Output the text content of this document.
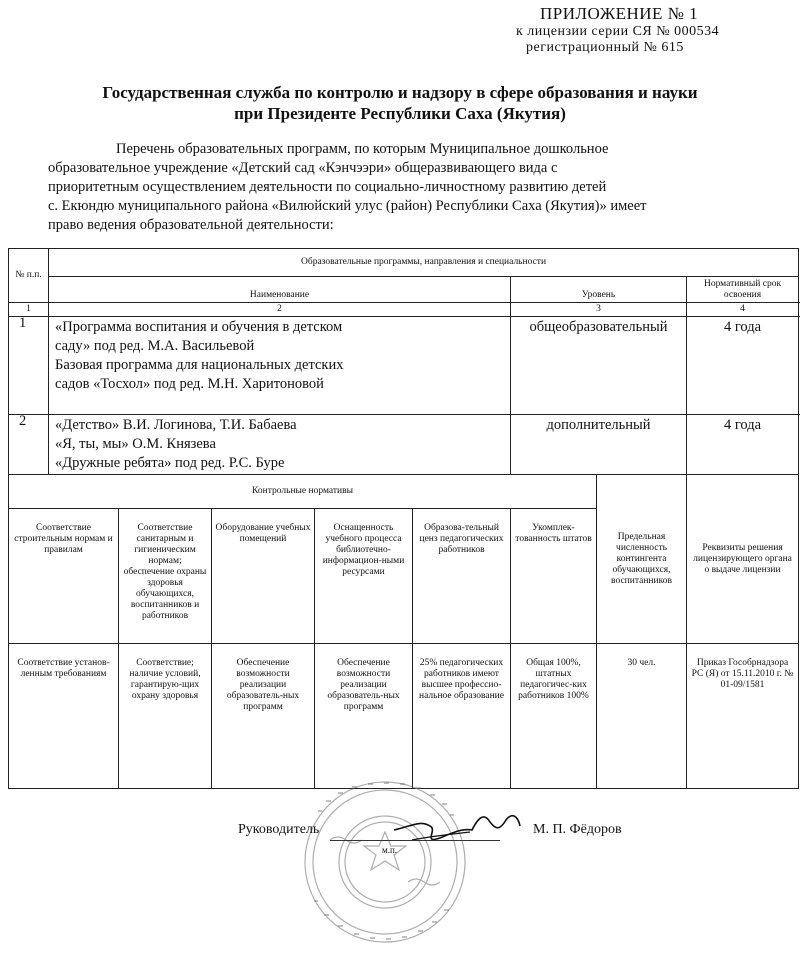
ПРИЛОЖЕНИЕ № 1
к лицензии серии СЯ № 000534
регистрационный № 615
Государственная служба по контролю и надзору в сфере образования и науки
при Президенте Республики Саха (Якутия)

Перечень образовательных программ, по которым Муниципальное дошкольное

образовательное учреждение «Детский сад «Кэнчээри» общеразвивающего вида с
приоритетным осуществлением деятельности по социально-личностному развитию детей
с. Екюндю муниципального района «Вилюйский улус (район) Республики Саха (Якутия)» имеет
право ведения образовательной деятельности:
№ п.п.	Образовательные программы, направления и специальности							
	Наименование					Уровень		Нормативный срок освоения
1	2					3		4
1	«Программа воспитания и обучения в детском
саду» под ред. М.А. Васильевой
Базовая программа для национальных детских
садов «Тосхол» под ред. М.Н. Харитоновой					общеобразовательный		4 года
2	«Детство» В.И. Логинова, Т.И. Бабаева
«Я, ты, мы» О.М. Князева
«Дружные ребята» под ред. Р.С. Буре					дополнительный		4 года
Контрольные нормативы							Предельная численность контингента обучающихся, воспитанников	Реквизиты решения лицензирующего органа о выдаче лицензии
Соответствие строительным нормам и правилам		Соответствие санитарным и гигиеническим нормам; обеспечение охраны здоровья обучающихся, воспитанников и работников	Оборудование учебных помещений	Оснащенность учебного процесса библиотечно-информацион-ными ресурсами	Образова-тельный ценз педагогических работников	Укомплек-тованность штатов		
Соответствие установ-ленным требованиям		Соответствие; наличие условий, гарантирую-щих охрану здоровья	Обеспечение возможности реализации образователь-ных программ	Обеспечение возможности реализации образователь-ных программ	25% педагогических работников имеют высшее профессио-нальное образование	Общая 100%, штатных педагогичес-ких работников 100%	30 чел.	Приказ Гособрнадзора РС (Я) от 15.11.2010 г. № 01-09/1581
Руководитель
м.п.
М. П. Фёдоров
